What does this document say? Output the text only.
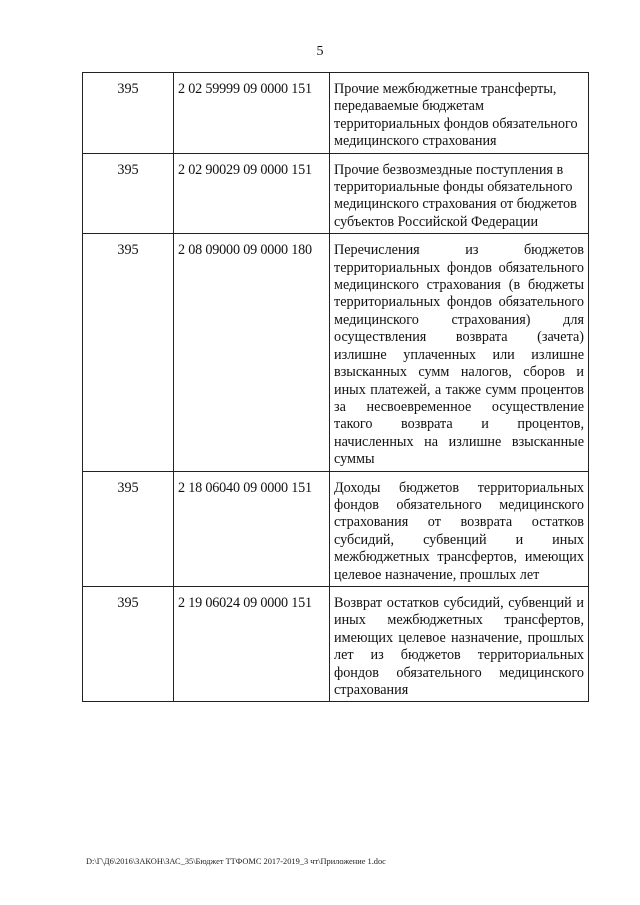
5
395	2 02 59999 09 0000 151	Прочие межбюджетные трансферты, передаваемые бюджетам территориальных фондов обязательного медицинского страхования
395	2 02 90029 09 0000 151	Прочие безвозмездные поступления в территориальные фонды обязательного медицинского страхования от бюджетов субъектов Российской Федерации
395	2 08 09000 09 0000 180	Перечисления из бюджетов территориальных фондов обязательного медицинского страхования (в бюджеты территориальных фондов обязательного медицинского страхования) для осуществления возврата (зачета) излишне уплаченных или излишне взысканных сумм налогов, сборов и иных платежей, а также сумм процентов за несвоевременное осуществление такого возврата и процентов, начисленных на излишне взысканные суммы
395	2 18 06040 09 0000 151	Доходы бюджетов территориальных фондов обязательного медицинского страхования от возврата остатков субсидий, субвенций и иных межбюджетных трансфертов, имеющих целевое назначение, прошлых лет
395	2 19 06024 09 0000 151	Возврат остатков субсидий, субвенций и иных межбюджетных трансфертов, имеющих целевое назначение, прошлых лет из бюджетов территориальных фондов обязательного медицинского страхования
D:\Г\Д6\2016\ЗАКОН\ЗАС_35\Бюджет ТТФОМС 2017-2019_3 чт\Приложение 1.doc
